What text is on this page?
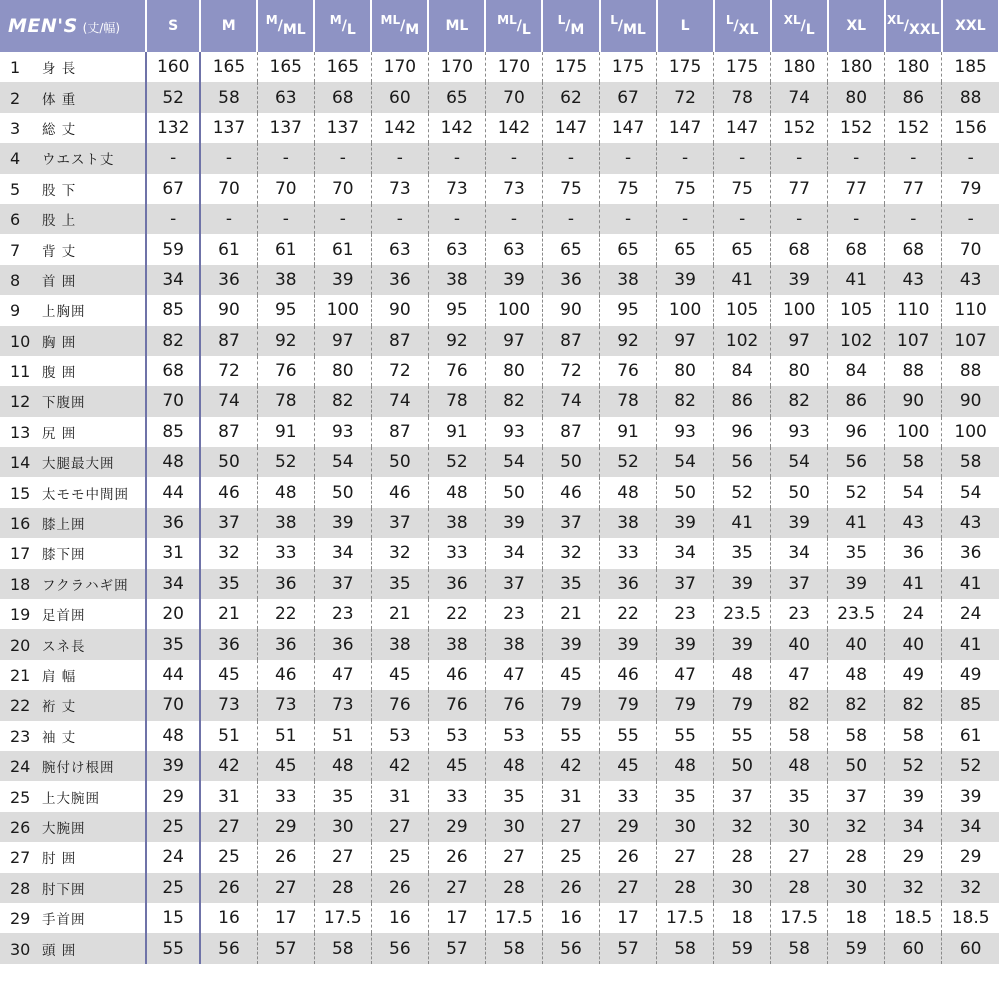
MEN'S (丈/幅)	S	M	M/ML	M/L	ML/M	ML	ML/L	L/M	L/ML	L	L/XL	XL/L	XL	XL/XXL	XXL
1 身 長	160	165	165	165	170	170	170	175	175	175	175	180	180	180	185
2 体 重	52	58	63	68	60	65	70	62	67	72	78	74	80	86	88
3 総 丈	132	137	137	137	142	142	142	147	147	147	147	152	152	152	156
4 ウエスト丈	-	-	-	-	-	-	-	-	-	-	-	-	-	-	-
5 股 下	67	70	70	70	73	73	73	75	75	75	75	77	77	77	79
6 股 上	-	-	-	-	-	-	-	-	-	-	-	-	-	-	-
7 背 丈	59	61	61	61	63	63	63	65	65	65	65	68	68	68	70
8 首 囲	34	36	38	39	36	38	39	36	38	39	41	39	41	43	43
9 上胸囲	85	90	95	100	90	95	100	90	95	100	105	100	105	110	110
10 胸 囲	82	87	92	97	87	92	97	87	92	97	102	97	102	107	107
11 腹 囲	68	72	76	80	72	76	80	72	76	80	84	80	84	88	88
12 下腹囲	70	74	78	82	74	78	82	74	78	82	86	82	86	90	90
13 尻 囲	85	87	91	93	87	91	93	87	91	93	96	93	96	100	100
14 大腿最大囲	48	50	52	54	50	52	54	50	52	54	56	54	56	58	58
15 太モモ中間囲	44	46	48	50	46	48	50	46	48	50	52	50	52	54	54
16 膝上囲	36	37	38	39	37	38	39	37	38	39	41	39	41	43	43
17 膝下囲	31	32	33	34	32	33	34	32	33	34	35	34	35	36	36
18 フクラハギ囲	34	35	36	37	35	36	37	35	36	37	39	37	39	41	41
19 足首囲	20	21	22	23	21	22	23	21	22	23	23.5	23	23.5	24	24
20 スネ長	35	36	36	36	38	38	38	39	39	39	39	40	40	40	41
21 肩 幅	44	45	46	47	45	46	47	45	46	47	48	47	48	49	49
22 裄 丈	70	73	73	73	76	76	76	79	79	79	79	82	82	82	85
23 袖 丈	48	51	51	51	53	53	53	55	55	55	55	58	58	58	61
24 腕付け根囲	39	42	45	48	42	45	48	42	45	48	50	48	50	52	52
25 上大腕囲	29	31	33	35	31	33	35	31	33	35	37	35	37	39	39
26 大腕囲	25	27	29	30	27	29	30	27	29	30	32	30	32	34	34
27 肘 囲	24	25	26	27	25	26	27	25	26	27	28	27	28	29	29
28 肘下囲	25	26	27	28	26	27	28	26	27	28	30	28	30	32	32
29 手首囲	15	16	17	17.5	16	17	17.5	16	17	17.5	18	17.5	18	18.5	18.5
30 頭 囲	55	56	57	58	56	57	58	56	57	58	59	58	59	60	60
